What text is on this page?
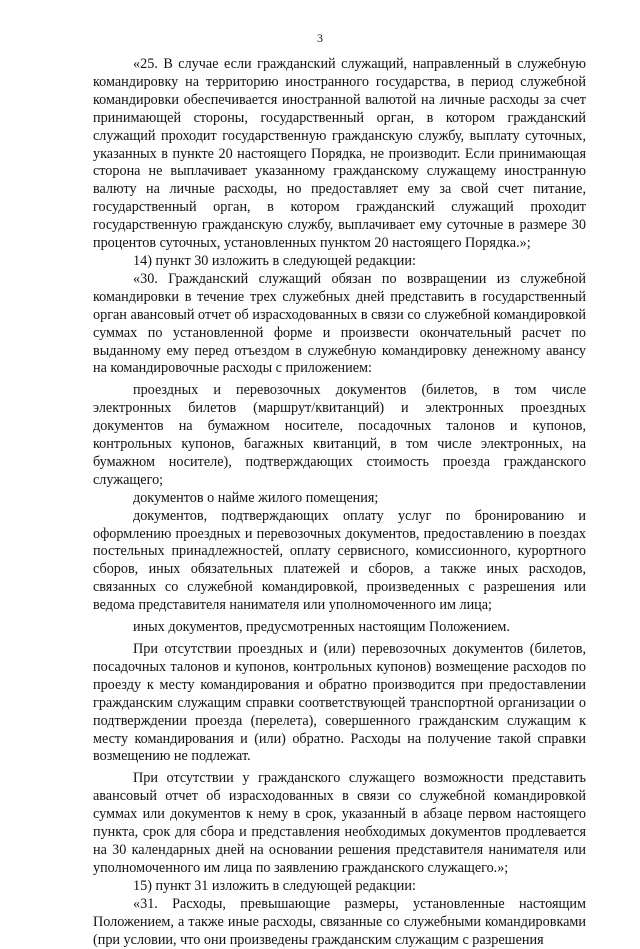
3

«25. В случае если гражданский служащий, направленный в служебную командировку на территорию иностранного государства, в период служебной командировки обеспечивается иностранной валютой на личные расходы за счет принимающей стороны, государственный орган, в котором гражданский служащий проходит государственную гражданскую службу, выплату суточных, указанных в пункте 20 настоящего Порядка, не производит. Если принимающая сторона не выплачивает указанному гражданскому служащему иностранную валюту на личные расходы, но предоставляет ему за свой счет питание, государственный орган, в котором гражданский служащий проходит государственную гражданскую службу, выплачивает ему суточные в размере 30 процентов суточных, установленных пунктом 20 настоящего Порядка.»;

14) пункт 30 изложить в следующей редакции:

«30. Гражданский служащий обязан по возвращении из служебной командировки в течение трех служебных дней представить в государственный орган авансовый отчет об израсходованных в связи со служебной командировкой суммах по установленной форме и произвести окончательный расчет по выданному ему перед отъездом в служебную командировку денежному авансу на командировочные расходы с приложением:

проездных и перевозочных документов (билетов, в том числе электронных билетов (маршрут/квитанций) и электронных проездных документов на бумажном носителе, посадочных талонов и купонов, контрольных купонов, багажных квитанций, в том числе электронных, на бумажном носителе), подтверждающих стоимость проезда гражданского служащего;

документов о найме жилого помещения;

документов, подтверждающих оплату услуг по бронированию и оформлению проездных и перевозочных документов, предоставлению в поездах постельных принадлежностей, оплату сервисного, комиссионного, курортного сборов, иных обязательных платежей и сборов, а также иных расходов, связанных со служебной командировкой, произведенных с разрешения или ведома представителя нанимателя или уполномоченного им лица;

иных документов, предусмотренных настоящим Положением.

При отсутствии проездных и (или) перевозочных документов (билетов, посадочных талонов и купонов, контрольных купонов) возмещение расходов по проезду к месту командирования и обратно производится при предоставлении гражданским служащим справки соответствующей транспортной организации о подтверждении проезда (перелета), совершенного гражданским служащим к месту командирования и (или) обратно. Расходы на получение такой справки возмещению не подлежат.

При отсутствии у гражданского служащего возможности представить авансовый отчет об израсходованных в связи со служебной командировкой суммах или документов к нему в срок, указанный в абзаце первом настоящего пункта, срок для сбора и представления необходимых документов продлевается на 30 календарных дней на основании решения представителя нанимателя или уполномоченного им лица по заявлению гражданского служащего.»;

15) пункт 31 изложить в следующей редакции:

«31. Расходы, превышающие размеры, установленные настоящим Положением, а также иные расходы, связанные со служебными командировками (при условии, что они произведены гражданским служащим с разрешения
